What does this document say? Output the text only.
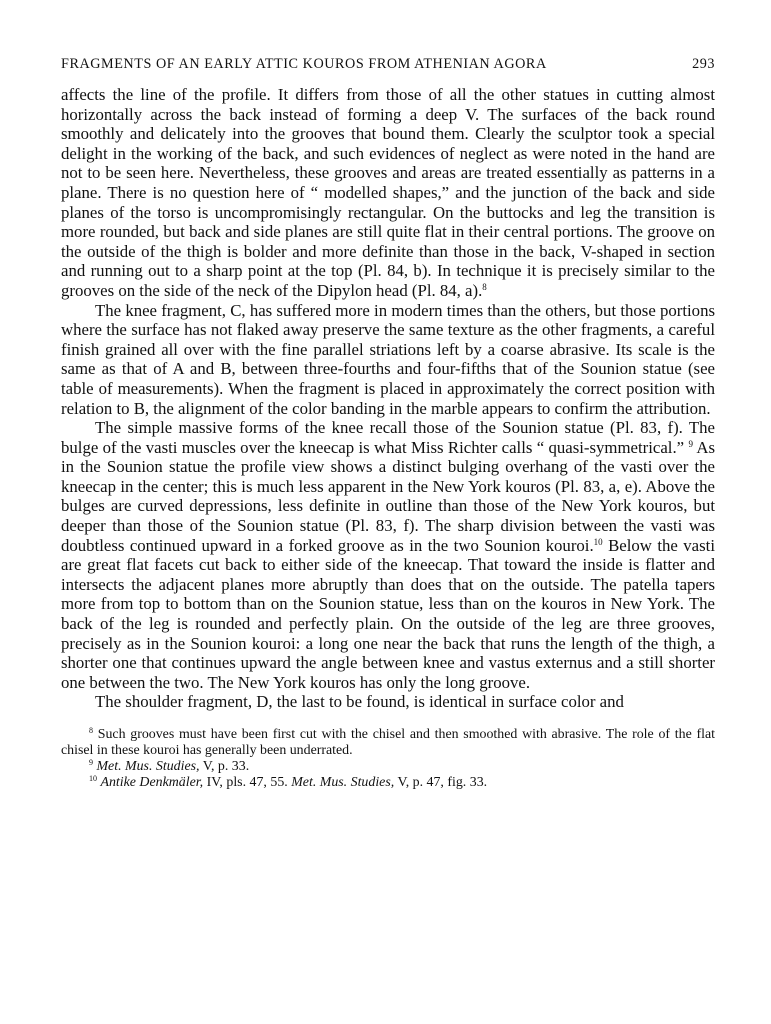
FRAGMENTS OF AN EARLY ATTIC KOUROS FROM ATHENIAN AGORA	293

affects the line of the profile. It differs from those of all the other statues in cutting almost horizontally across the back instead of forming a deep V. The surfaces of the back round smoothly and delicately into the grooves that bound them. Clearly the sculptor took a special delight in the working of the back, and such evidences of neglect as were noted in the hand are not to be seen here. Nevertheless, these grooves and areas are treated essentially as patterns in a plane. There is no question here of “ modelled shapes,” and the junction of the back and side planes of the torso is uncompromisingly rectangular. On the buttocks and leg the transition is more rounded, but back and side planes are still quite flat in their central portions. The groove on the outside of the thigh is bolder and more definite than those in the back, V-shaped in section and running out to a sharp point at the top (Pl. 84, b). In technique it is precisely similar to the grooves on the side of the neck of the Dipylon head (Pl. 84, a).$^8$

The knee fragment, C, has suffered more in modern times than the others, but those portions where the surface has not flaked away preserve the same texture as the other fragments, a careful finish grained all over with the fine parallel striations left by a coarse abrasive. Its scale is the same as that of A and B, between three-fourths and four-fifths that of the Sounion statue (see table of measurements). When the fragment is placed in approximately the correct position with relation to B, the alignment of the color banding in the marble appears to confirm the attribution.

The simple massive forms of the knee recall those of the Sounion statue (Pl. 83, f). The bulge of the vasti muscles over the kneecap is what Miss Richter calls “ quasi-symmetrical.” $^9$ As in the Sounion statue the profile view shows a distinct bulging overhang of the vasti over the kneecap in the center; this is much less apparent in the New York kouros (Pl. 83, a, e). Above the bulges are curved depressions, less definite in outline than those of the New York kouros, but deeper than those of the Sounion statue (Pl. 83, f). The sharp division between the vasti was doubtless continued upward in a forked groove as in the two Sounion kouroi.$^{10}$ Below the vasti are great flat facets cut back to either side of the kneecap. That toward the inside is flatter and intersects the adjacent planes more abruptly than does that on the outside. The patella tapers more from top to bottom than on the Sounion statue, less than on the kouros in New York. The back of the leg is rounded and perfectly plain. On the outside of the leg are three grooves, precisely as in the Sounion kouroi: a long one near the back that runs the length of the thigh, a shorter one that continues upward the angle between knee and vastus externus and a still shorter one between the two. The New York kouros has only the long groove.

The shoulder fragment, D, the last to be found, is identical in surface color and

$^8$ Such grooves must have been first cut with the chisel and then smoothed with abrasive. The role of the flat chisel in these kouroi has generally been underrated.

$^9$ Met. Mus. Studies, V, p. 33.

$^{10}$ Antike Denkmäler, IV, pls. 47, 55. Met. Mus. Studies, V, p. 47, fig. 33.
